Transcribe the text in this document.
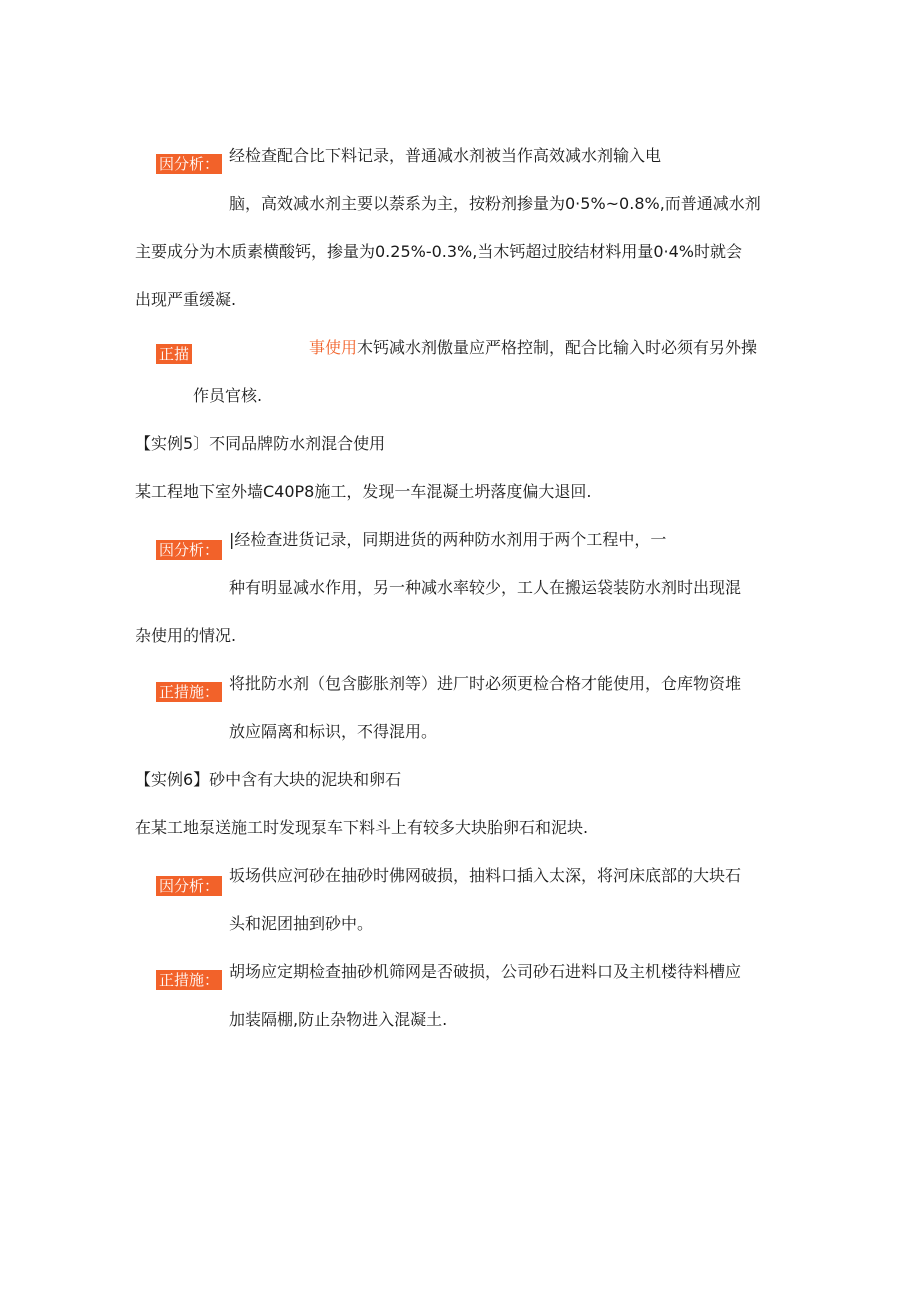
因分析： 经检查配合比下料记录，普通减水剂被当作高效减水剂输入电
脑，高效减水剂主要以萘系为主，按粉剂掺量为0·5%~0.8%,而普通减水剂
主要成分为木质素横酸钙，掺量为0.25%-0.3%,当木钙超过胶结材料用量0·4%时就会
出现严重缓凝.
正描	事使用木钙减水剂傲量应严格控制，配合比输入时必须有另外操
作员官核.
【实例5〕不同品牌防水剂混合使用
某工程地下室外墙C40P8施工，发现一车混凝土坍落度偏大退回.
因分析：
|经检查进货记录，同期进货的两种防水剂用于两个工程中，一
种有明显减水作用，另一种减水率较少，工人在搬运袋装防水剂时出现混
杂使用的情况.
正措施： 将批防水剂（包含膨胀剂等）进厂时必须更检合格才能使用，仓库物资堆
放应隔离和标识，不得混用。
【实例6】砂中含有大块的泥块和卵石
在某工地泵送施工时发现泵车下料斗上有较多大块胎卵石和泥块.
因分析：
坂场供应河砂在抽砂时佛网破损，抽料口插入太深，将河床底部的大块石
头和泥团抽到砂中。
正措施： 胡场应定期检查抽砂机筛网是否破损，公司砂石进料口及主机楼待料槽应
加装隔棚,防止杂物进入混凝土.
